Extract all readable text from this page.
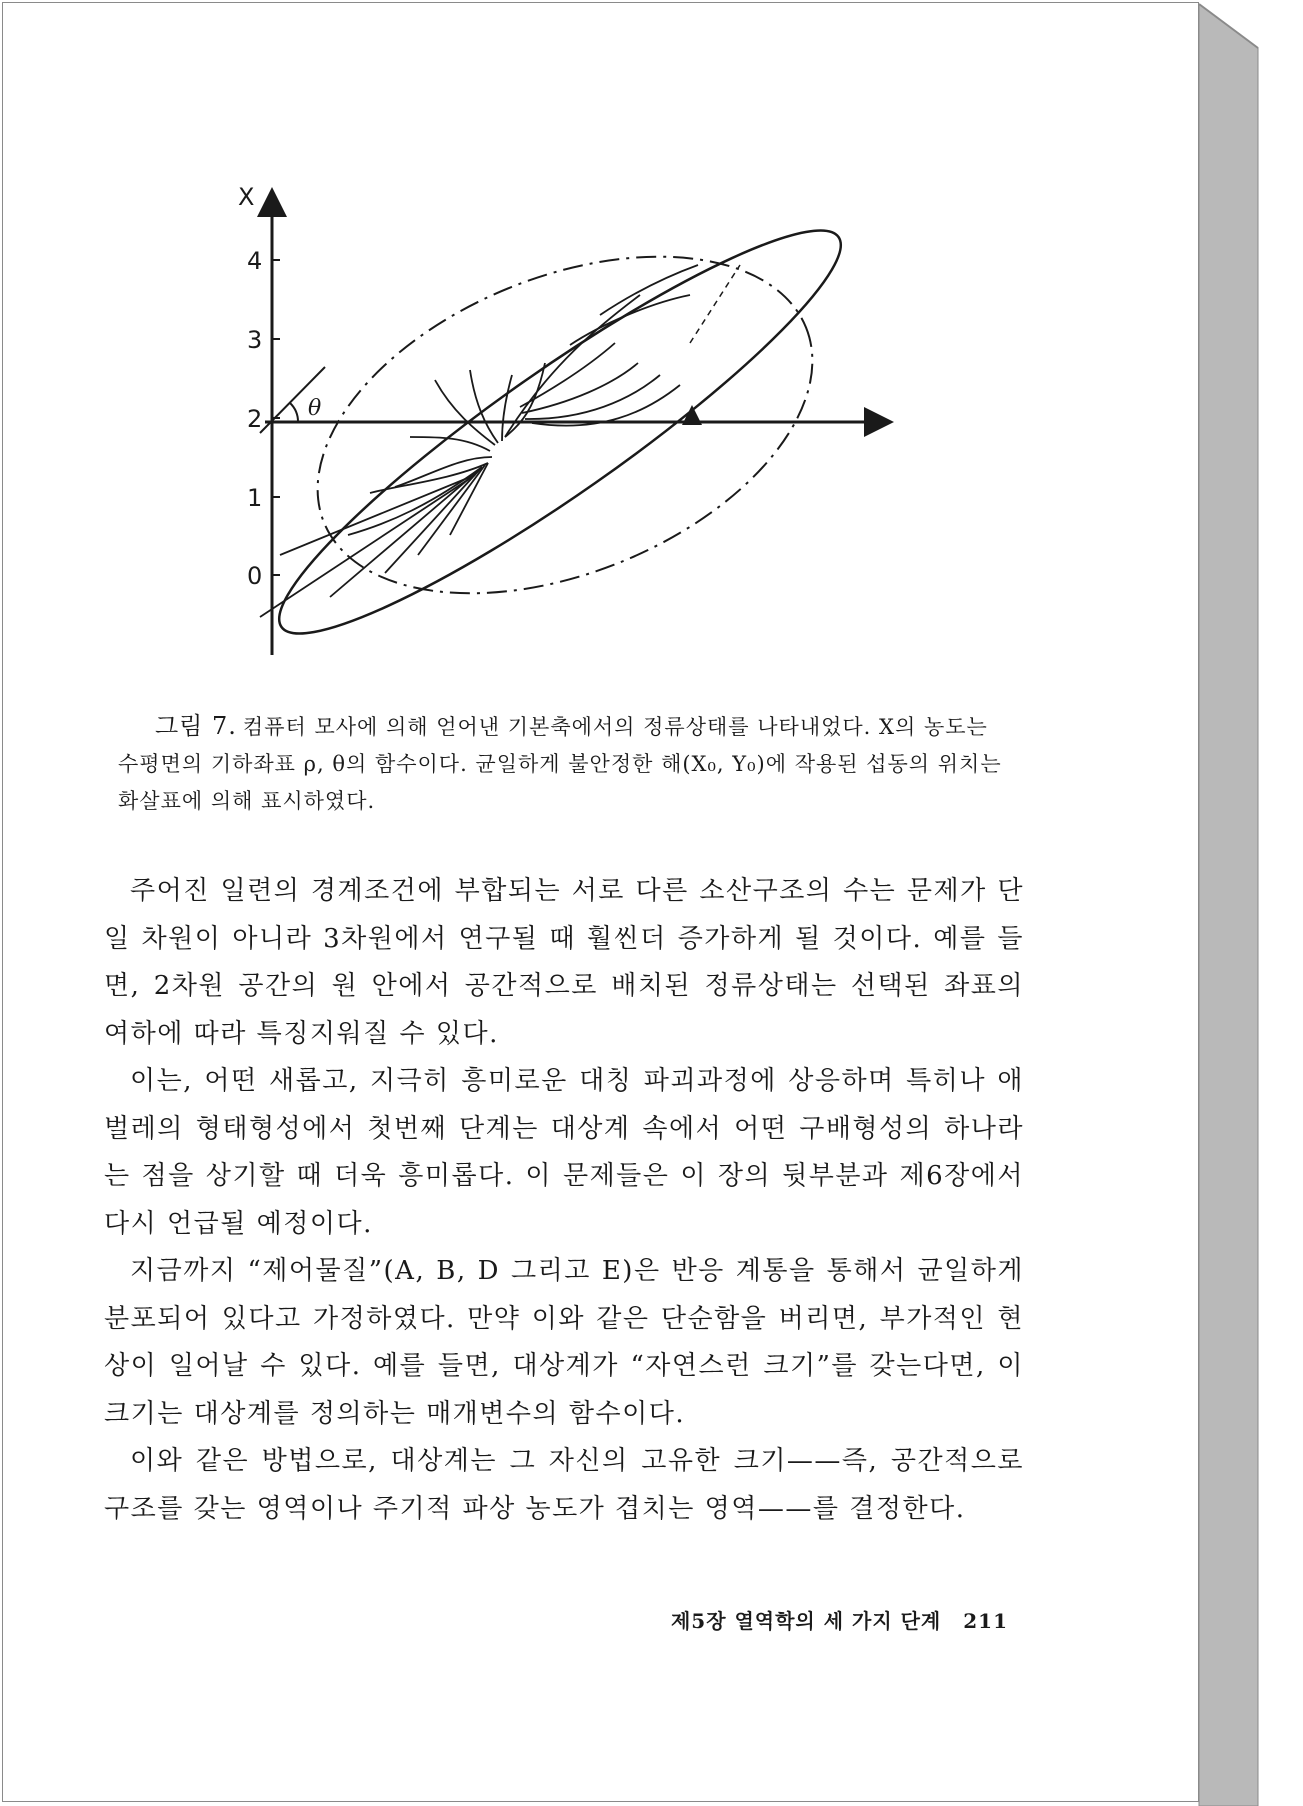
X
0
1
2
3
4
θ
그림 7. 컴퓨터 모사에 의해 얻어낸 기본축에서의 정류상태를 나타내었다. X의 농도는 수평면의 기하좌표 ρ, θ의 함수이다. 균일하게 불안정한 해(X₀, Y₀)에 작용된 섭동의 위치는 화살표에 의해 표시하였다.

주어진 일련의 경계조건에 부합되는 서로 다른 소산구조의 수는 문제가 단일 차원이 아니라 3차원에서 연구될 때 훨씬더 증가하게 될 것이다. 예를 들면, 2차원 공간의 원 안에서 공간적으로 배치된 정류상태는 선택된 좌표의 여하에 따라 특징지워질 수 있다.

이는, 어떤 새롭고, 지극히 흥미로운 대칭 파괴과정에 상응하며 특히나 애벌레의 형태형성에서 첫번째 단계는 대상계 속에서 어떤 구배형성의 하나라는 점을 상기할 때 더욱 흥미롭다. 이 문제들은 이 장의 뒷부분과 제6장에서 다시 언급될 예정이다.

지금까지 “제어물질”(A, B, D 그리고 E)은 반응 계통을 통해서 균일하게 분포되어 있다고 가정하였다. 만약 이와 같은 단순함을 버리면, 부가적인 현상이 일어날 수 있다. 예를 들면, 대상계가 “자연스런 크기”를 갖는다면, 이 크기는 대상계를 정의하는 매개변수의 함수이다.

이와 같은 방법으로, 대상계는 그 자신의 고유한 크기——즉, 공간적으로 구조를 갖는 영역이나 주기적 파상 농도가 겹치는 영역——를 결정한다.

제5장 열역학의 세 가지 단계 211
